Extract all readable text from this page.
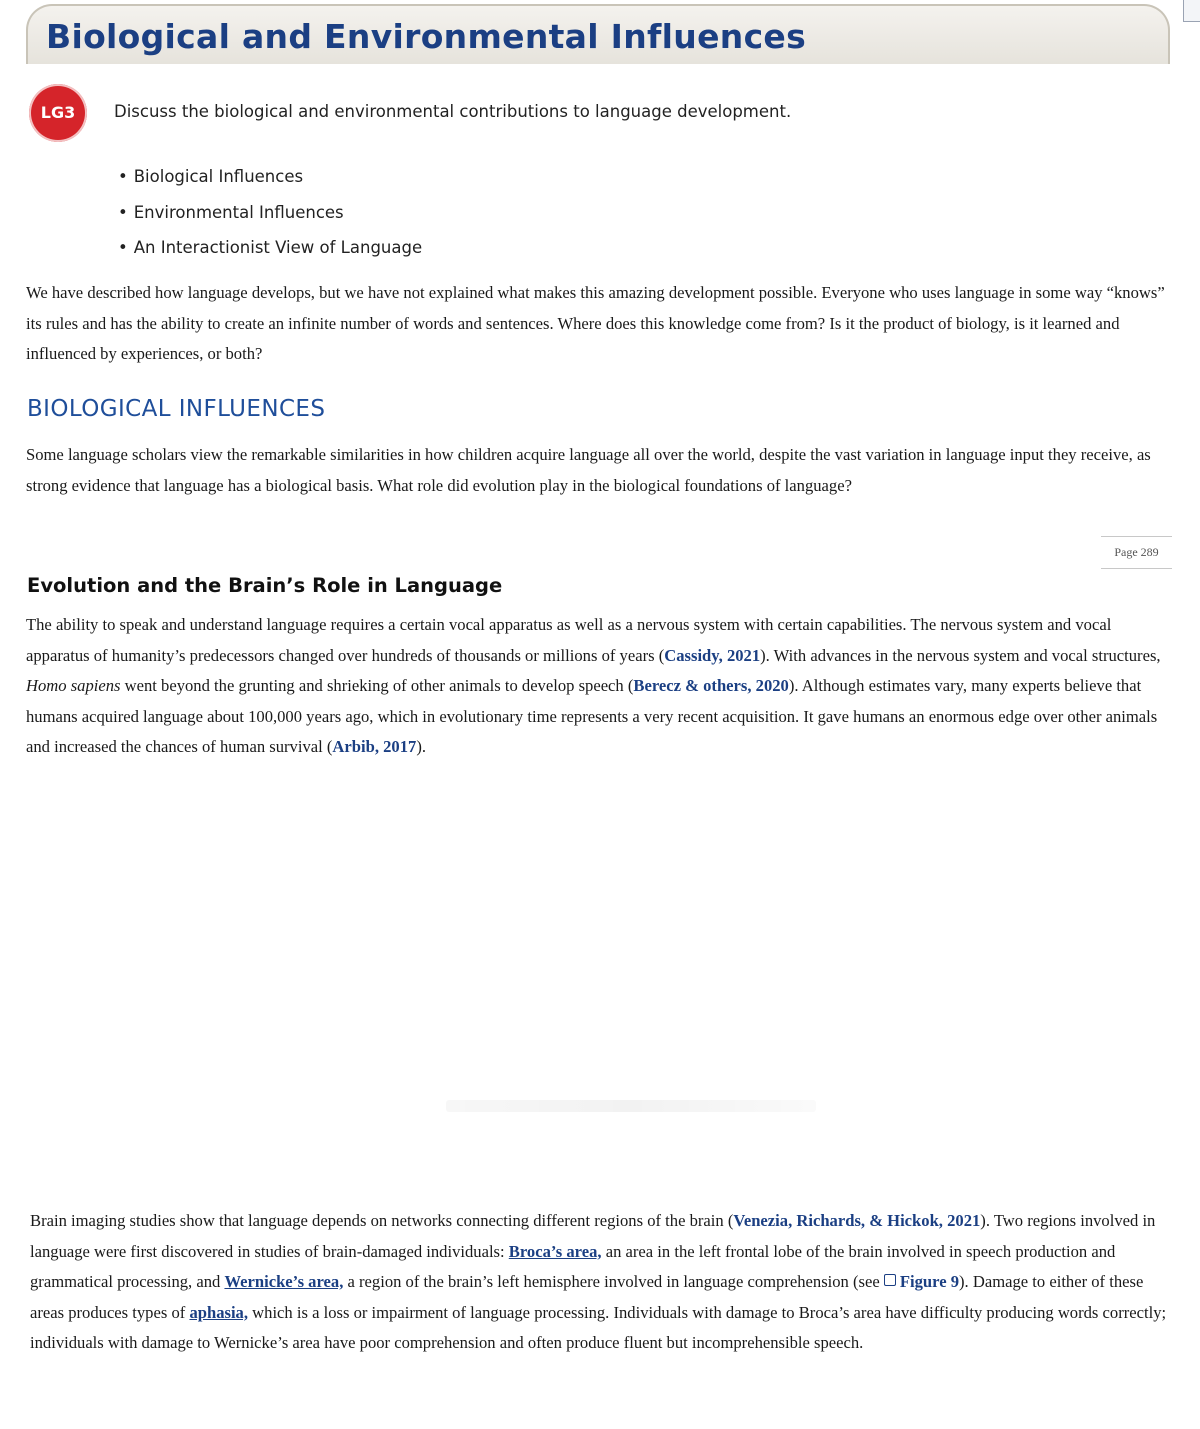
Biological and Environmental Influences
LG3	Discuss the biological and environmental contributions to language development.
• Biological Influences
• Environmental Influences
• An Interactionist View of Language

We have described how language develops, but we have not explained what makes this amazing development possible. Everyone who uses language in some way “knows” its rules and has the ability to create an infinite number of words and sentences. Where does this knowledge come from? Is it the product of biology, is it learned and influenced by experiences, or both?

BIOLOGICAL INFLUENCES

Some language scholars view the remarkable similarities in how children acquire language all over the world, despite the vast variation in language input they receive, as strong evidence that language has a biological basis. What role did evolution play in the biological foundations of language?

Page 289
Evolution and the Brain’s Role in Language

The ability to speak and understand language requires a certain vocal apparatus as well as a nervous system with certain capabilities. The nervous system and vocal apparatus of humanity’s predecessors changed over hundreds of thousands or millions of years (Cassidy, 2021). With advances in the nervous system and vocal structures, Homo sapiens went beyond the grunting and shrieking of other animals to develop speech (Berecz & others, 2020). Although estimates vary, many experts believe that humans acquired language about 100,000 years ago, which in evolutionary time represents a very recent acquisition. It gave humans an enormous edge over other animals and increased the chances of human survival (Arbib, 2017).

Brain imaging studies show that language depends on networks connecting different regions of the brain (Venezia, Richards, & Hickok, 2021). Two regions involved in language were first discovered in studies of brain-damaged individuals: Broca’s area, an area in the left frontal lobe of the brain involved in speech production and grammatical processing, and Wernicke’s area, a region of the brain’s left hemisphere involved in language comprehension (see Figure 9). Damage to either of these areas produces types of aphasia, which is a loss or impairment of language processing. Individuals with damage to Broca’s area have difficulty producing words correctly; individuals with damage to Wernicke’s area have poor comprehension and often produce fluent but incomprehensible speech.
